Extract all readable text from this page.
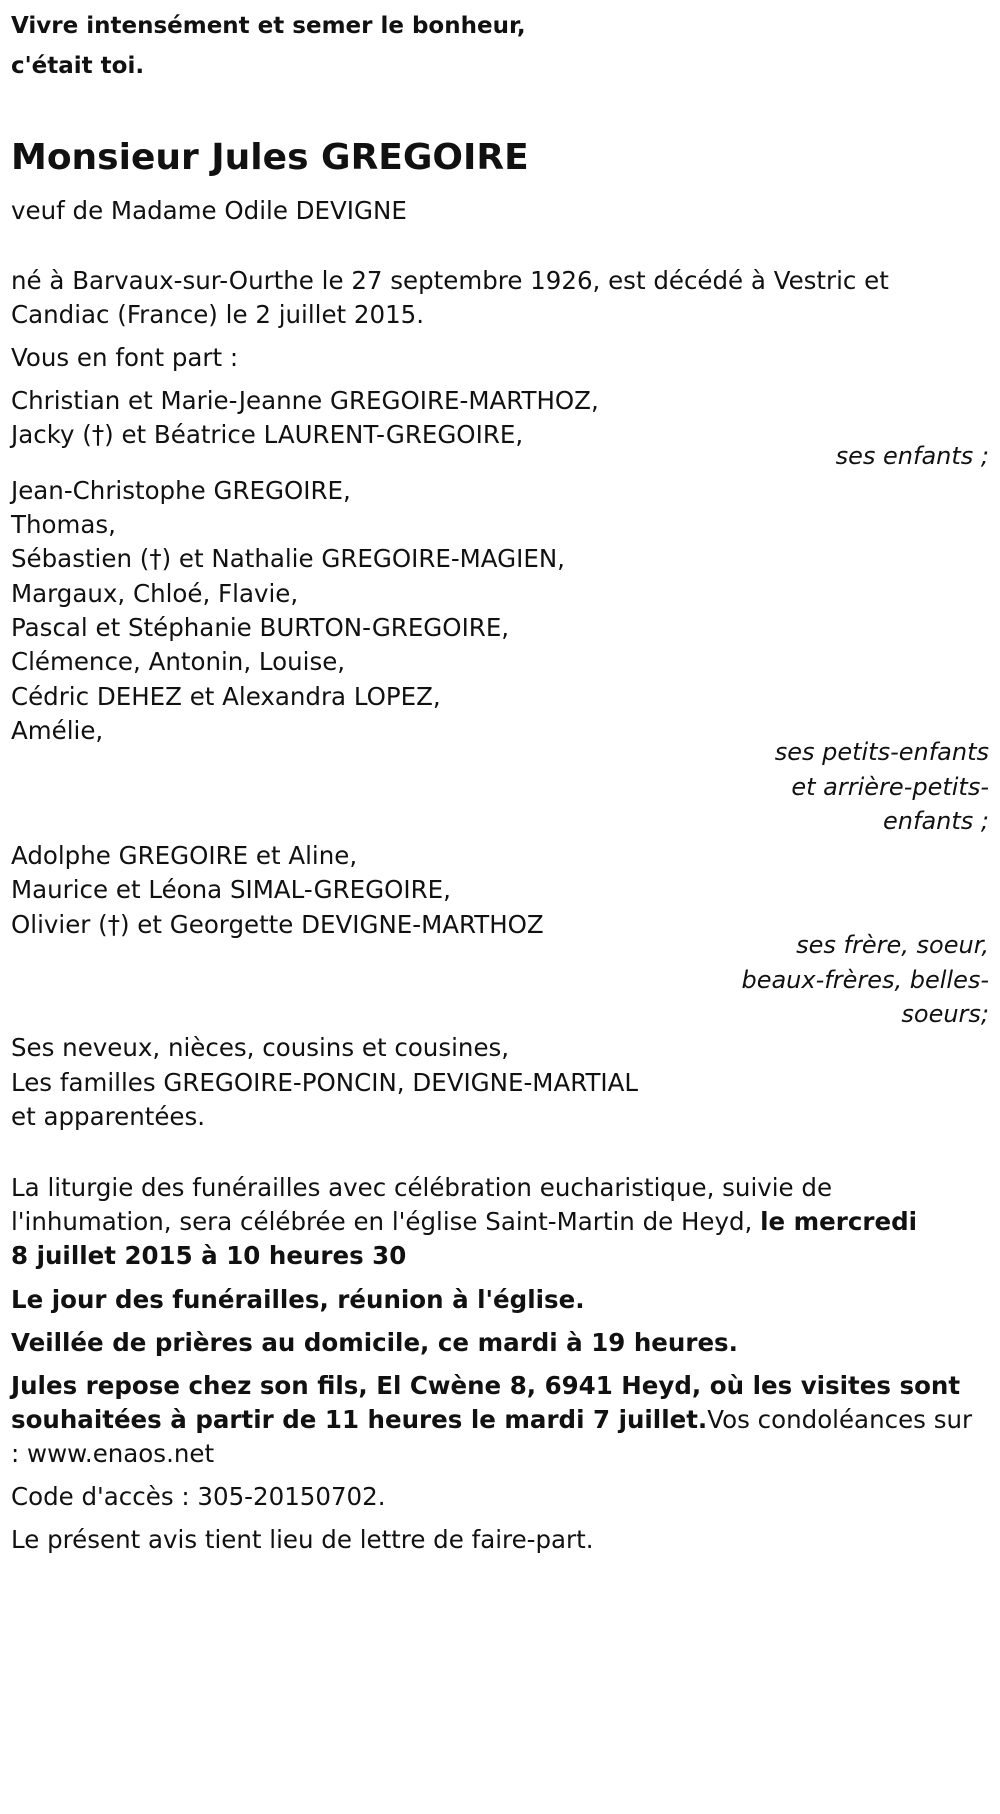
Vivre intensément et semer le bonheur,

c'était toi.

Monsieur Jules GREGOIRE

veuf de Madame Odile DEVIGNE

né à Barvaux-sur-Ourthe le 27 septembre 1926, est décédé à Vestric et

Candiac (France) le 2 juillet 2015.

Vous en font part :

Christian et Marie-Jeanne GREGOIRE-MARTHOZ,

Jacky (†) et Béatrice LAURENT-GREGOIRE,

ses enfants ;

Jean-Christophe GREGOIRE,

Thomas,

Sébastien (†) et Nathalie GREGOIRE-MAGIEN,

Margaux, Chloé, Flavie,

Pascal et Stéphanie BURTON-GREGOIRE,

Clémence, Antonin, Louise,

Cédric DEHEZ et Alexandra LOPEZ,

Amélie,

ses petits-enfants

et arrière-petits-

enfants ;

Adolphe GREGOIRE et Aline,

Maurice et Léona SIMAL-GREGOIRE,

Olivier (†) et Georgette DEVIGNE-MARTHOZ

ses frère, soeur,

beaux-frères, belles-

soeurs;

Ses neveux, nièces, cousins et cousines,

Les familles GREGOIRE-PONCIN, DEVIGNE-MARTIAL

et apparentées.

La liturgie des funérailles avec célébration eucharistique, suivie de

l'inhumation, sera célébrée en l'église Saint-Martin de Heyd, le mercredi

8 juillet 2015 à 10 heures 30

Le jour des funérailles, réunion à l'église.

Veillée de prières au domicile, ce mardi à 19 heures.

Jules repose chez son fils, El Cwène 8, 6941 Heyd, où les visites sont

souhaitées à partir de 11 heures le mardi 7 juillet.Vos condoléances sur

: www.enaos.net

Code d'accès : 305-20150702.

Le présent avis tient lieu de lettre de faire-part.
